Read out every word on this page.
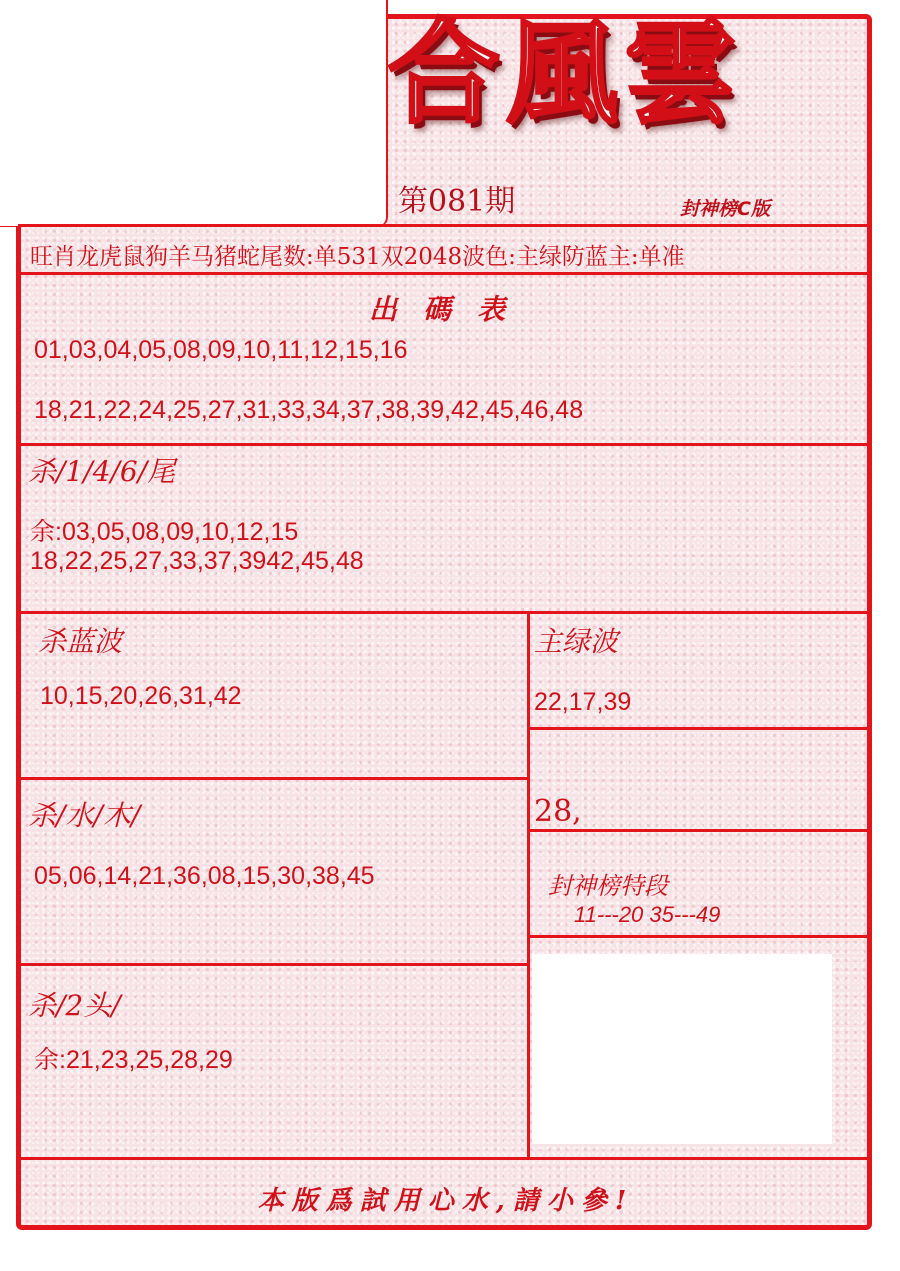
合風雲
第081期	封神榜C版
旺肖龙虎鼠狗羊马猪蛇尾数:单531双2048波色:主绿防蓝主:单准
出碼表
01,03,04,05,08,09,10,11,12,15,16
18,21,22,24,25,27,31,33,34,37,38,39,42,45,46,48
杀/1/4/6/尾
余:03,05,08,09,10,12,15
18,22,25,27,33,37,3942,45,48
杀蓝波
10,15,20,26,31,42
杀/水/木/
05,06,14,21,36,08,15,30,38,45
杀/2头/
余:21,23,25,28,29
主绿波
22,17,39
28,
封神榜特段
11---20 35---49
本版爲試用心水,請小參!
